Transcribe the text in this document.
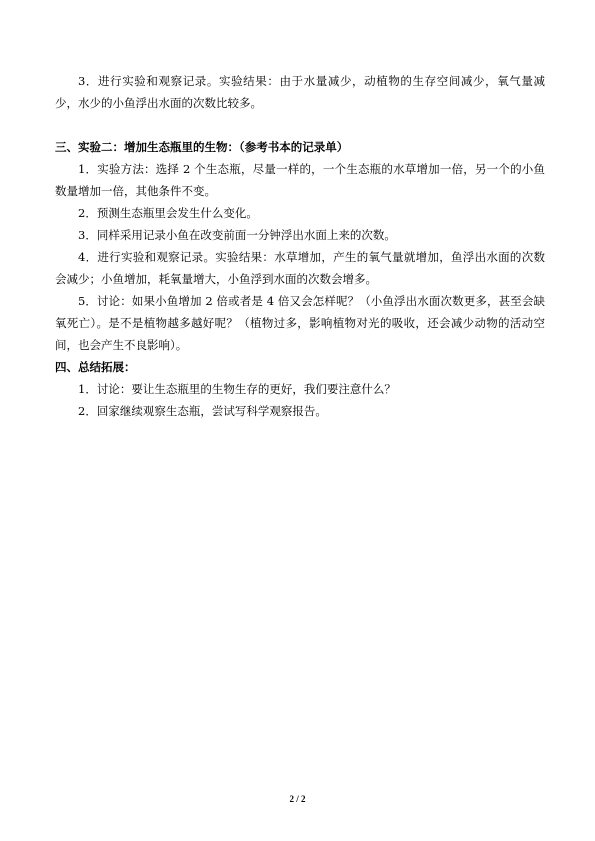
3．进行实验和观察记录。实验结果：由于水量减少，动植物的生存空间减少，氧气量减少，水少的小鱼浮出水面的次数比较多。

三、实验二：增加生态瓶里的生物：（参考书本的记录单）

1．实验方法：选择 2 个生态瓶，尽量一样的，一个生态瓶的水草增加一倍，另一个的小鱼数量增加一倍，其他条件不变。

2．预测生态瓶里会发生什么变化。

3．同样采用记录小鱼在改变前面一分钟浮出水面上来的次数。

4．进行实验和观察记录。实验结果：水草增加，产生的氧气量就增加，鱼浮出水面的次数会减少；小鱼增加，耗氧量增大，小鱼浮到水面的次数会增多。

5．讨论：如果小鱼增加 2 倍或者是 4 倍又会怎样呢？（小鱼浮出水面次数更多，甚至会缺氧死亡）。是不是植物越多越好呢？（植物过多，影响植物对光的吸收，还会减少动物的活动空间，也会产生不良影响）。

四、总结拓展：

1．讨论：要让生态瓶里的生物生存的更好，我们要注意什么？

2．回家继续观察生态瓶，尝试写科学观察报告。

2 / 2
